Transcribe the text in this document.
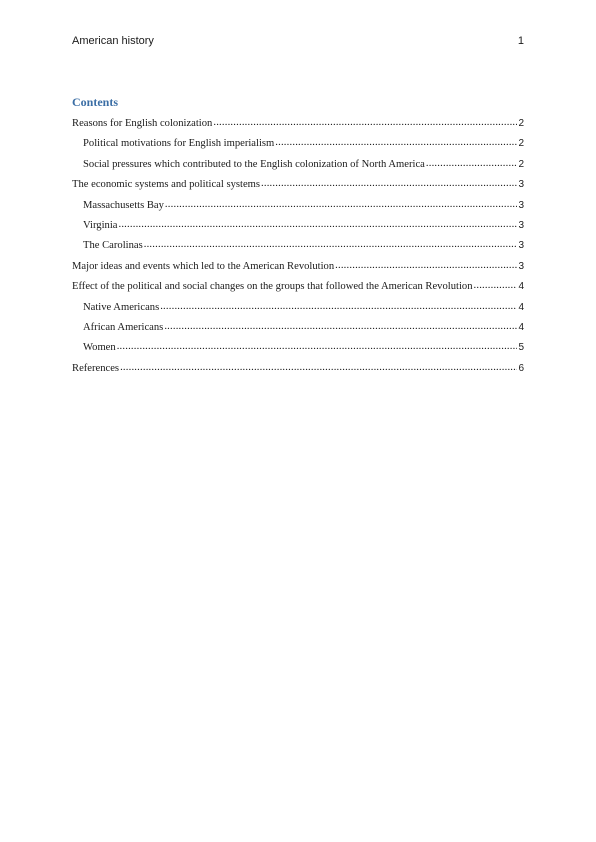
American history	1
Contents
Reasons for English colonization .....	2
Political motivations for English imperialism .....	2
Social pressures which contributed to the English colonization of North America .....	2
The economic systems and political systems .....	3
Massachusetts Bay .....	3
Virginia .....	3
The Carolinas .....	3
Major ideas and events which led to the American Revolution .....	3
Effect of the political and social changes on the groups that followed the American Revolution .....	4
Native Americans .....	4
African Americans .....	4
Women .....	5
References .....	6
